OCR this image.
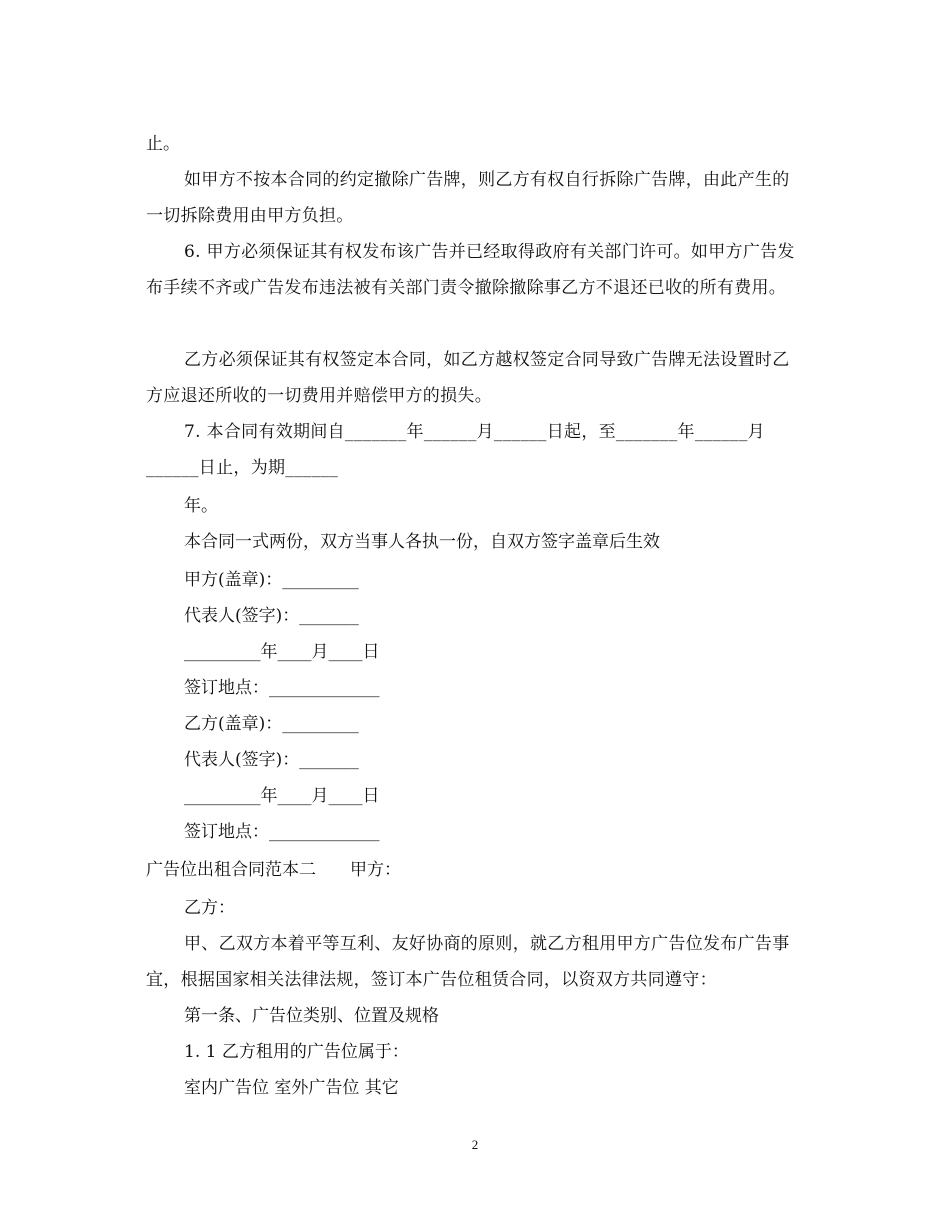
止。

如甲方不按本合同的约定撤除广告牌，则乙方有权自行拆除广告牌，由此产生的一切拆除费用由甲方负担。

6. 甲方必须保证其有权发布该广告并已经取得政府有关部门许可。如甲方广告发布手续不齐或广告发布违法被有关部门责令撤除撤除事乙方不退还已收的所有费用。

乙方必须保证其有权签定本合同，如乙方越权签定合同导致广告牌无法设置时乙方应退还所收的一切费用并赔偿甲方的损失。

7. 本合同有效期间自_______年______月______日起，至_______年______月______日止，为期______

年。

本合同一式两份，双方当事人各执一份，自双方签字盖章后生效

甲方(盖章)：_________

代表人(签字)：_______

_________年____月____日

签订地点：_____________

乙方(盖章)：_________

代表人(签字)：_______

_________年____月____日

签订地点：_____________

广告位出租合同范本二　　甲方：

乙方：

甲、乙双方本着平等互利、友好协商的原则，就乙方租用甲方广告位发布广告事宜，根据国家相关法律法规，签订本广告位租赁合同，以资双方共同遵守：

第一条、广告位类别、位置及规格

1. 1 乙方租用的广告位属于：

室内广告位 室外广告位 其它

2
